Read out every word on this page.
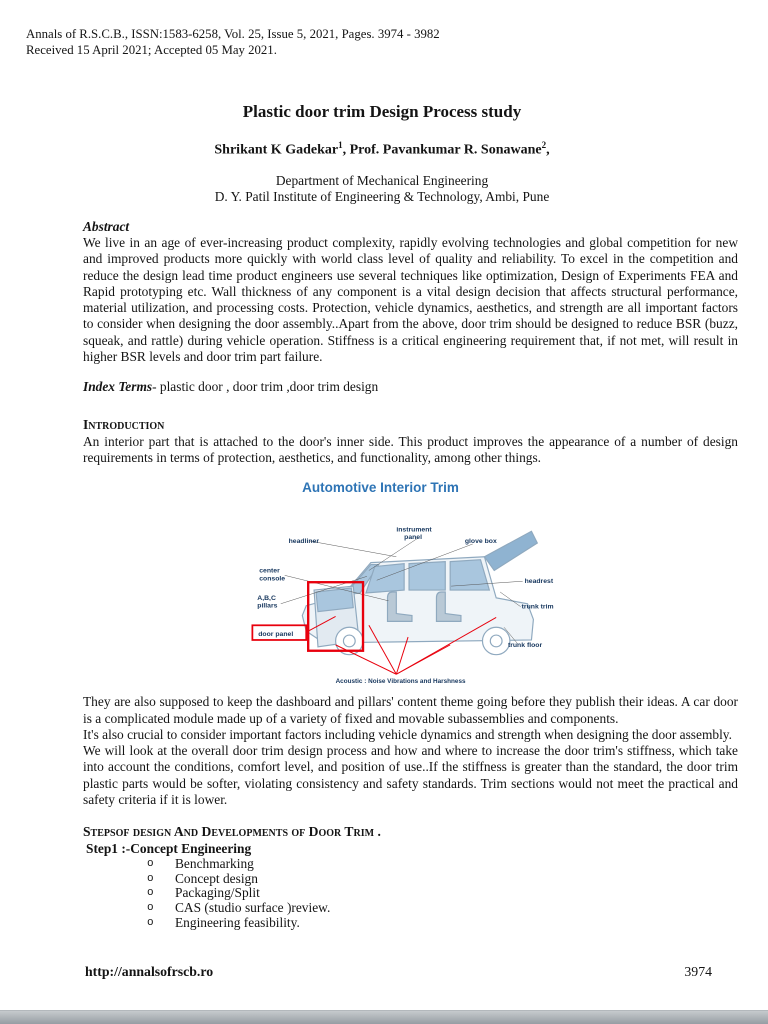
Annals of R.S.C.B., ISSN:1583-6258, Vol. 25, Issue 5, 2021, Pages. 3974 - 3982
Received 15 April 2021; Accepted 05 May 2021.
Plastic door trim Design Process study
Shrikant K Gadekar$^1$, Prof. Pavankumar R. Sonawane$^2$,
Department of Mechanical Engineering
D. Y. Patil Institute of Engineering & Technology, Ambi, Pune
Abstract

We live in an age of ever-increasing product complexity, rapidly evolving technologies and global competition for new and improved products more quickly with world class level of quality and reliability. To excel in the competition and reduce the design lead time product engineers use several techniques like optimization, Design of Experiments FEA and Rapid prototyping etc. Wall thickness of any component is a vital design decision that affects structural performance, material utilization, and processing costs. Protection, vehicle dynamics, aesthetics, and strength are all important factors to consider when designing the door assembly..Apart from the above, door trim should be designed to reduce BSR (buzz, squeak, and rattle) during vehicle operation. Stiffness is a critical engineering requirement that, if not met, will result in higher BSR levels and door trim part failure.

Index Terms- plastic door , door trim ,door trim design
Introduction

An interior part that is attached to the door's inner side. This product improves the appearance of a number of design requirements in terms of protection, aesthetics, and functionality, among other things.

Automotive Interior Trim
headliner
instrument
panel
glove box
center
console
A,B,C
pillars
door panel
headrest
trunk trim
trunk floor
Acoustic : Noise Vibrations and Harshness

They are also supposed to keep the dashboard and pillars' content theme going before they publish their ideas. A car door is a complicated module made up of a variety of fixed and movable subassemblies and components.

It's also crucial to consider important factors including vehicle dynamics and strength when designing the door assembly.

We will look at the overall door trim design process and how and where to increase the door trim's stiffness, which take into account the conditions, comfort level, and position of use..If the stiffness is greater than the standard, the door trim plastic parts would be softer, violating consistency and safety standards. Trim sections would not meet the practical and safety criteria if it is lower.

Stepsof design And Developments of Door Trim .
Step1 :-Concept Engineering
o	Benchmarking
o	Concept design
o	Packaging/Split
o	CAS (studio surface )review.
o	Engineering feasibility.
http://annalsofrscb.ro	3974
